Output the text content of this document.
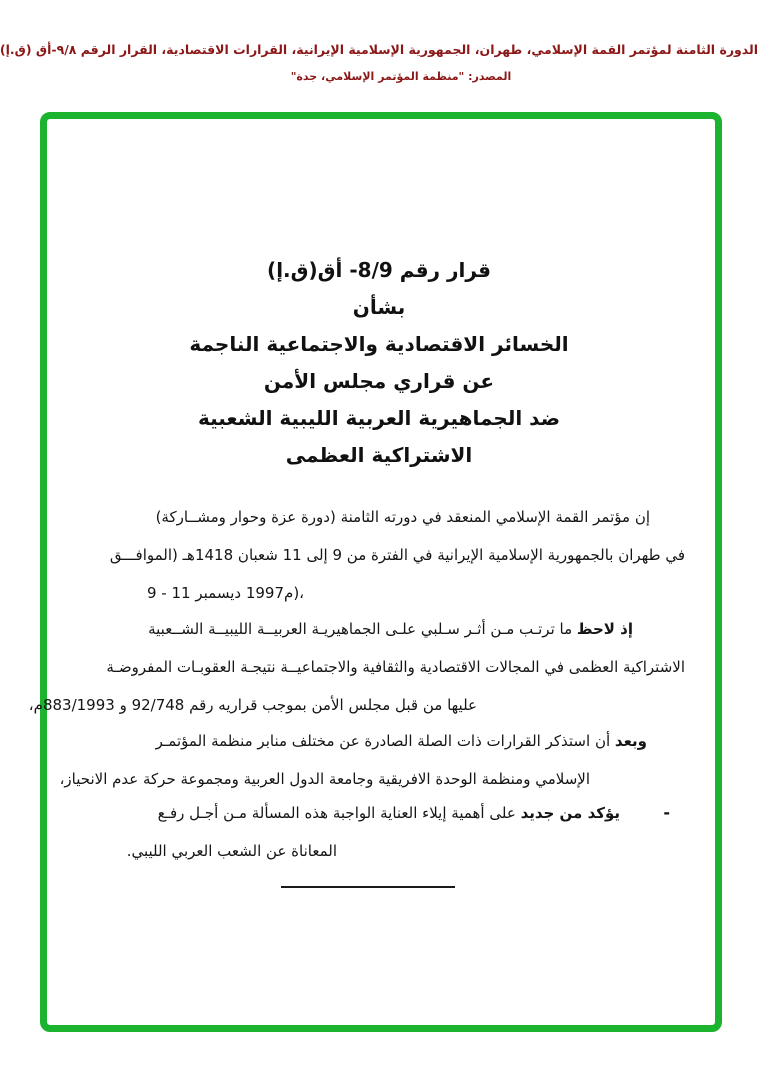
الدورة الثامنة لمؤتمر القمة الإسلامي، طهران، الجمهورية الإسلامية الإيرانية، القرارات الاقتصادية، القرار الرقم ٩/٨-أق (ق.إ)
المصدر: "منظمة المؤتمر الإسلامي، جدة"
قرار رقم 8/9- أق(ق.إ)
بشأن
الخسائر الاقتصادية والاجتماعية الناجمة
عن قراري مجلس الأمن
ضد الجماهيرية العربية الليبية الشعبية
الاشتراكية العظمى
إن مؤتمر القمة الإسلامي المنعقد في دورته الثامنة (دورة عزة وحوار ومشــاركة)
في طهران بالجمهورية الإسلامية الإيرانية في الفترة من 9 إلى 11 شعبان 1418هـ (الموافـــق
9 - 11 ديسمبر‎ 1997م)،
إذ لاحظ ما ترتـب مـن أثـر سـلبي علـى الجماهيريـة العربيــة الليبيــة الشــعبية
الاشتراكية العظمى في المجالات الاقتصادية والثقافية والاجتماعيــة نتيجـة العقوبـات المفروضـة
عليها من قبل مجلس الأمن بموجب قراريه رقم 92/748 و 883/1993م،
وبعد أن استذكر القرارات ذات الصلة الصادرة عن مختلف منابر منظمة المؤتمـر
الإسلامي ومنظمة الوحدة الافريقية وجامعة الدول العربية ومجموعة حركة عدم الانحياز،
-
يؤكد من جديد على أهمية إيلاء العناية الواجبة هذه المسألة مـن أجـل رفـع
المعاناة عن الشعب العربي الليبي.
